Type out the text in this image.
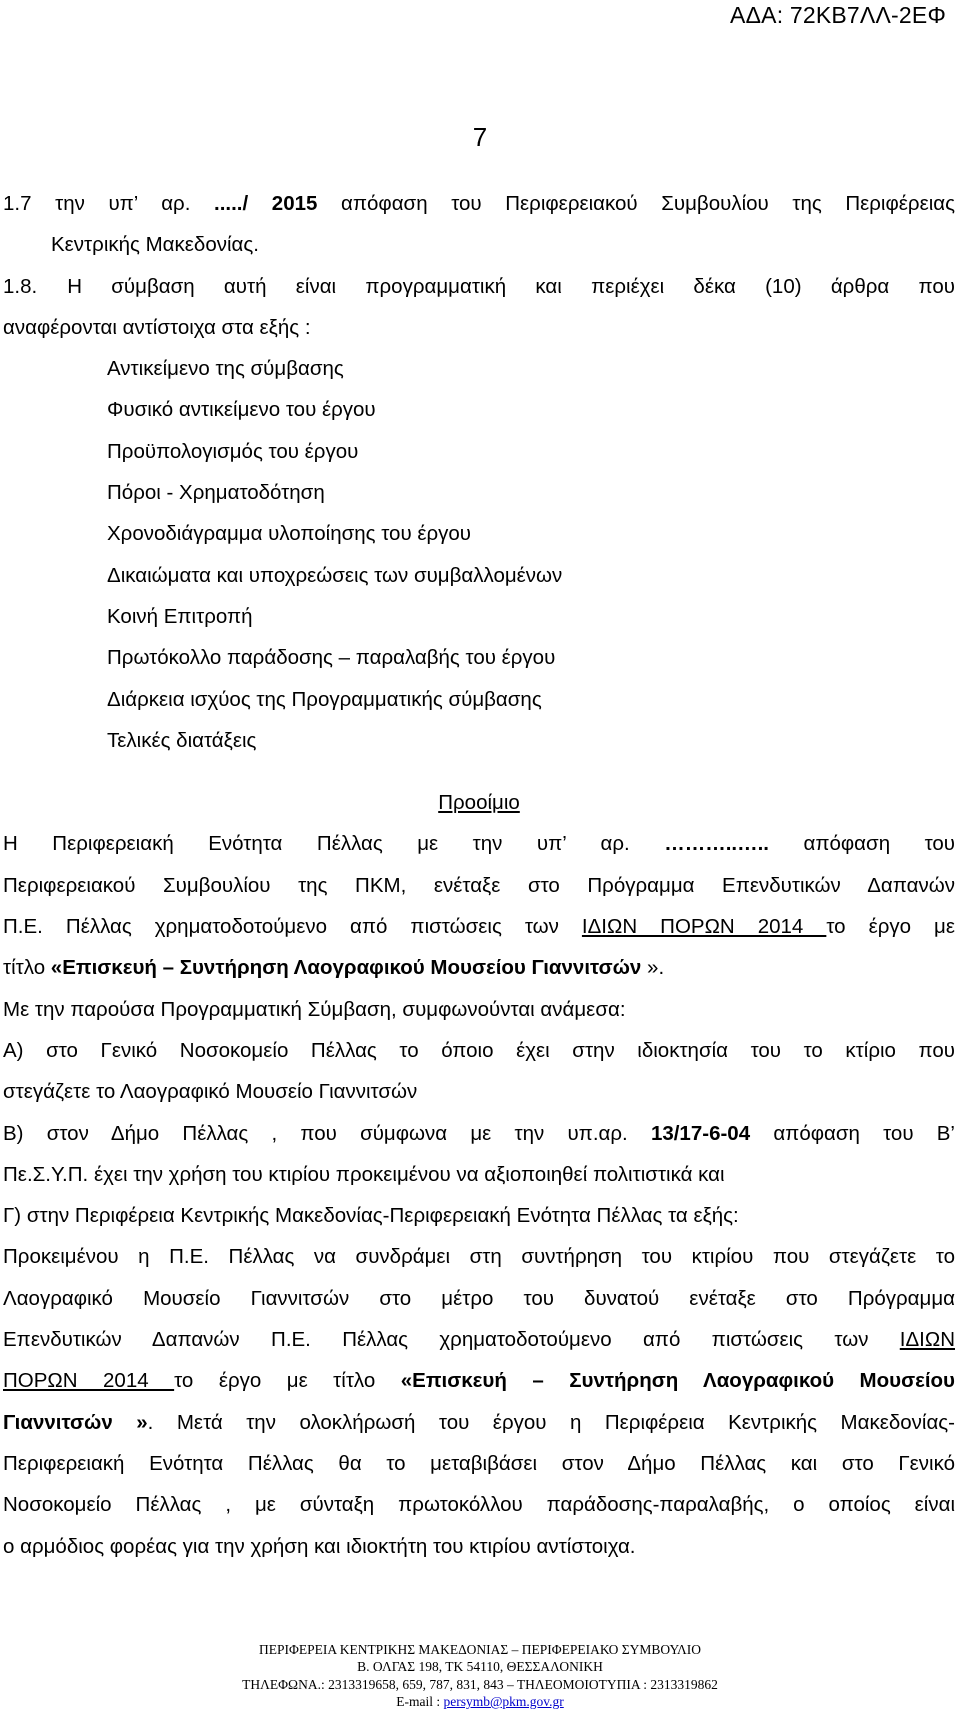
ΑΔΑ: 72ΚΒ7ΛΛ-2ΕΦ
7

1.7 την υπ’ αρ. ...../ 2015 απόφαση του Περιφερειακού Συμβουλίου της Περιφέρειας

Κεντρικής Μακεδονίας.

1.8. Η σύμβαση αυτή είναι προγραμματική και περιέχει δέκα (10) άρθρα που

αναφέρονται αντίστοιχα στα εξής :

Αντικείμενο της σύμβασης
Φυσικό αντικείμενο του έργου
Προϋπολογισμός του έργου
Πόροι - Χρηματοδότηση
Χρονοδιάγραμμα υλοποίησης του έργου
Δικαιώματα και υποχρεώσεις των συμβαλλομένων
Κοινή Επιτροπή
Πρωτόκολλο παράδοσης – παραλαβής του έργου
Διάρκεια ισχύος της Προγραμματικής σύμβασης
Τελικές διατάξεις

Προοίμιο

Η Περιφερειακή Ενότητα Πέλλας με την υπ’ αρ. ………..….. απόφαση του

Περιφερειακού Συμβουλίου της ΠΚΜ, ενέταξε στο Πρόγραμμα Επενδυτικών Δαπανών

Π.Ε. Πέλλας χρηματοδοτούμενο από πιστώσεις των ΙΔΙΩΝ ΠΟΡΩΝ 2014 το έργο με

τίτλο «Επισκευή – Συντήρηση Λαογραφικού Μουσείου Γιαννιτσών ».

Με την παρούσα Προγραμματική Σύμβαση, συμφωνούνται ανάμεσα:

Α) στο Γενικό Νοσοκομείο Πέλλας το όποιο έχει στην ιδιοκτησία του το κτίριο που

στεγάζετε το Λαογραφικό Μουσείο Γιαννιτσών

Β) στον Δήμο Πέλλας , που σύμφωνα με την υπ.αρ. 13/17-6-04 απόφαση του Β’

Πε.Σ.Υ.Π. έχει την χρήση του κτιρίου προκειμένου να αξιοποιηθεί πολιτιστικά και

Γ) στην Περιφέρεια Κεντρικής Μακεδονίας-Περιφερειακή Ενότητα Πέλλας τα εξής:

Προκειμένου η Π.Ε. Πέλλας να συνδράμει στη συντήρηση του κτιρίου που στεγάζετε το

Λαογραφικό Μουσείο Γιαννιτσών στο μέτρο του δυνατού ενέταξε στο Πρόγραμμα

Επενδυτικών Δαπανών Π.Ε. Πέλλας χρηματοδοτούμενο από πιστώσεις των ΙΔΙΩΝ

ΠΟΡΩΝ 2014 το έργο με τίτλο «Επισκευή – Συντήρηση Λαογραφικού Μουσείου

Γιαννιτσών ». Μετά την ολοκλήρωσή του έργου η Περιφέρεια Κεντρικής Μακεδονίας-

Περιφερειακή Ενότητα Πέλλας θα το μεταβιβάσει στον Δήμο Πέλλας και στο Γενικό

Νοσοκομείο Πέλλας , με σύνταξη πρωτοκόλλου παράδοσης-παραλαβής, ο οποίος είναι

ο αρμόδιος φορέας για την χρήση και ιδιοκτήτη του κτιρίου αντίστοιχα.

ΠΕΡΙΦΕΡΕΙΑ ΚΕΝΤΡΙΚΗΣ ΜΑΚΕΔΟΝΙΑΣ – ΠΕΡΙΦΕΡΕΙΑΚΟ ΣΥΜΒΟΥΛΙΟ
Β. ΟΛΓΑΣ 198, ΤΚ 54110, ΘΕΣΣΑΛΟΝΙΚΗ
ΤΗΛΕΦΩΝΑ.: 2313319658, 659, 787, 831, 843 – ΤΗΛΕΟΜΟΙΟΤΥΠΙΑ : 2313319862
E-mail : persymb@pkm.gov.gr
